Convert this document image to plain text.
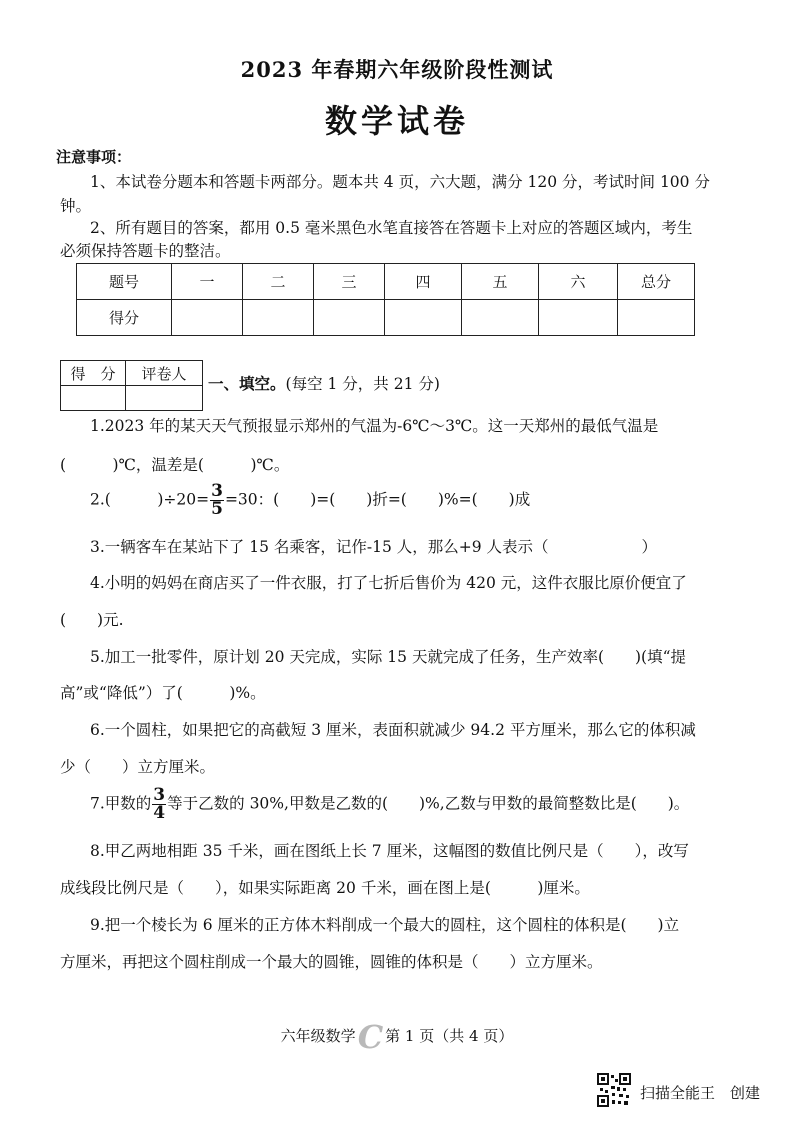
2023 年春期六年级阶段性测试
数学试卷
注意事项：
1、本试卷分题本和答题卡两部分。题本共 4 页，六大题，满分 120 分，考试时间 100 分
钟。
2、所有题目的答案，都用 0.5 毫米黑色水笔直接答在答题卡上对应的答题区域内，考生
必须保持答题卡的整洁。
题号	一	二	三	四	五	六	总分
得分							
得　分	评卷人

一、填空。(每空 1 分，共 21 分)
1.2023 年的某天天气预报显示郑州的气温为-6℃～3℃。这一天郑州的最低气温是
(　　　)℃，温差是(　　　)℃。
2.(　　　)$\div 20= \frac{3}{5} =30$：(　　)=(　　)折=(　　)%=(　　)成
3.一辆客车在某站下了 15 名乘客，记作-15 人，那么+9 人表示（　　　　　　）
4.小明的妈妈在商店买了一件衣服，打了七折后售价为 420 元，这件衣服比原价便宜了
(　　)元.
5.加工一批零件，原计划 20 天完成，实际 15 天就完成了任务，生产效率(　　)(填“提
高”或“降低”）了(　　　)%。
6.一个圆柱，如果把它的高截短 3 厘米，表面积就减少 94.2 平方厘米，那么它的体积减
少（　　）立方厘米。
7.甲数的 $\frac{3}{4}$ 等于乙数的 30%,甲数是乙数的(　　)%,乙数与甲数的最简整数比是(　　)。
8.甲乙两地相距 35 千米，画在图纸上长 7 厘米，这幅图的数值比例尺是（　　），改写
成线段比例尺是（　　），如果实际距离 20 千米，画在图上是(　　　)厘米。
9.把一个棱长为 6 厘米的正方体木料削成一个最大的圆柱，这个圆柱的体积是(　　)立
方厘米，再把这个圆柱削成一个最大的圆锥，圆锥的体积是（　　）立方厘米。
六年级数学C 第 1 页（共 4 页）
扫描全能王　创建
